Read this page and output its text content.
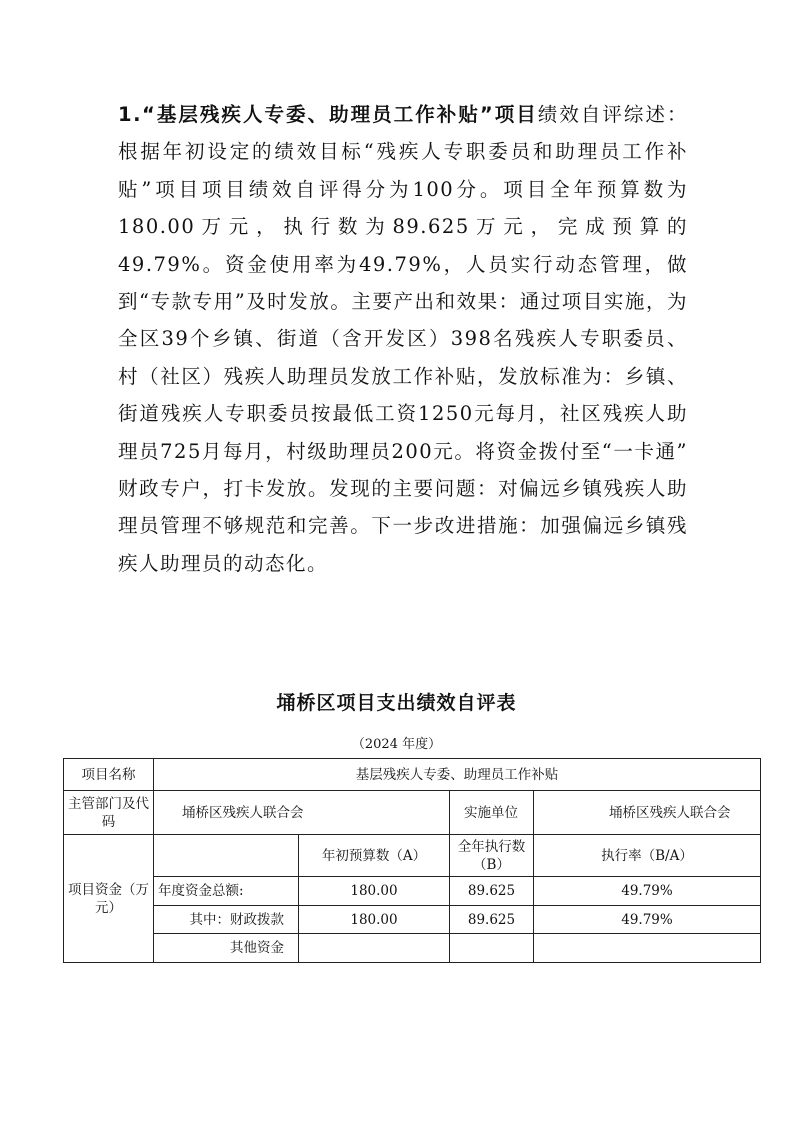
1.“基层残疾人专委、助理员工作补贴”项目绩效自评综述：根据年初设定的绩效目标“残疾人专职委员和助理员工作补贴”项目项目绩效自评得分为100分。项目全年预算数为180.00万元，执行数为89.625万元，完成预算的49.79%。资金使用率为49.79%，人员实行动态管理，做到“专款专用”及时发放。主要产出和效果：通过项目实施，为全区39个乡镇、街道（含开发区）398名残疾人专职委员、村（社区）残疾人助理员发放工作补贴，发放标准为：乡镇、街道残疾人专职委员按最低工资1250元每月，社区残疾人助理员725月每月，村级助理员200元。将资金拨付至“一卡通” 财政专户，打卡发放。发现的主要问题：对偏远乡镇残疾人助理员管理不够规范和完善。下一步改进措施：加强偏远乡镇残疾人助理员的动态化。
埇桥区项目支出绩效自评表
（2024 年度）
项目名称	基层残疾人专委、助理员工作补贴			
主管部门及代码	埇桥区残疾人联合会		实施单位	埇桥区残疾人联合会
项目资金（万元）		年初预算数（A）	全年执行数（B）	执行率（B/A）
	年度资金总额:	180.00	89.625	49.79%
	其中：财政拨款	180.00	89.625	49.79%
	其他资金			
